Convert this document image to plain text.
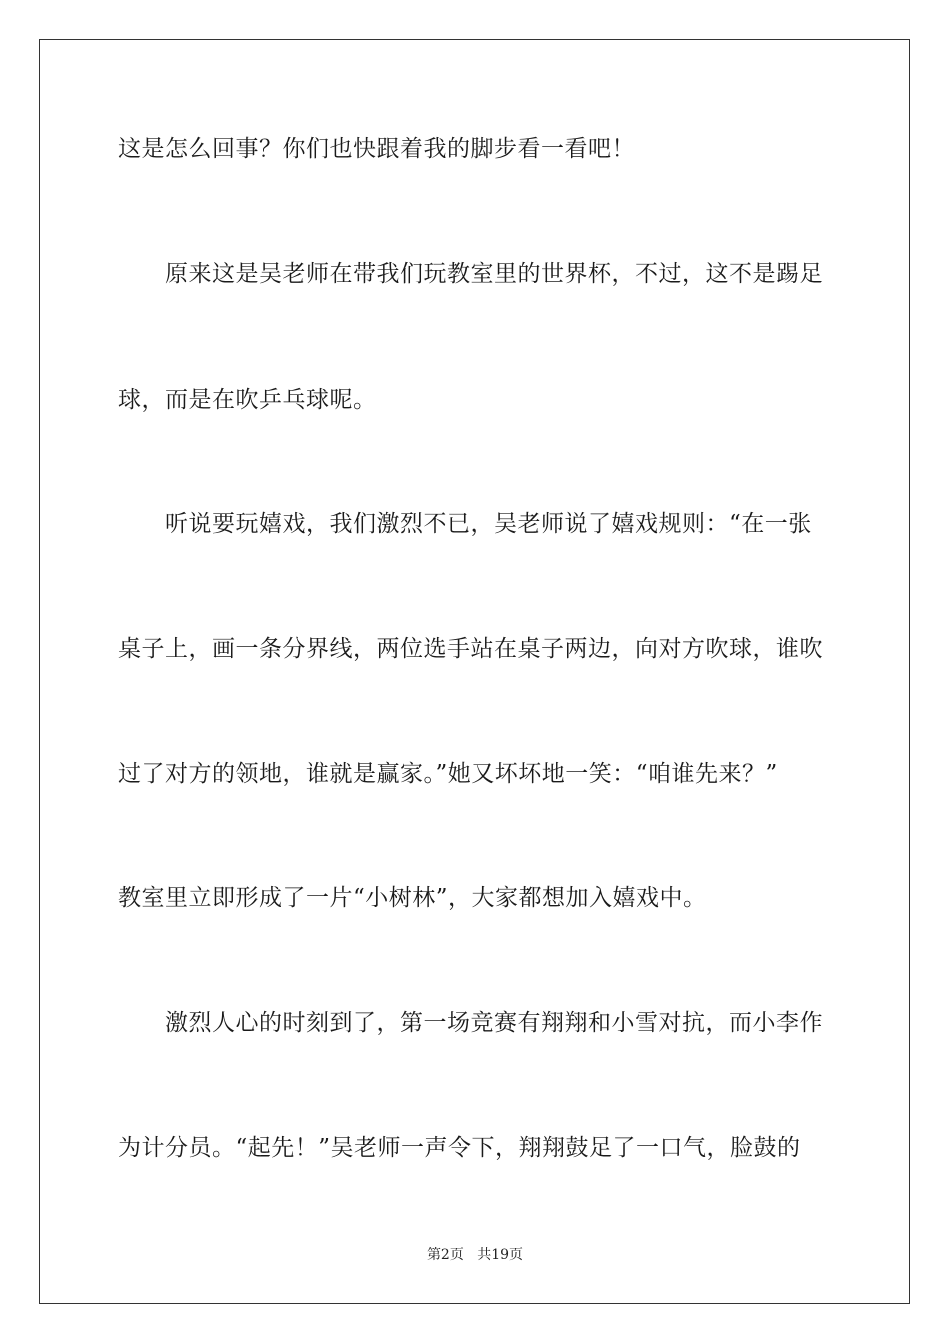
这是怎么回事？你们也快跟着我的脚步看一看吧！
　　原来这是吴老师在带我们玩教室里的世界杯，不过，这不是踢足
球，而是在吹乒乓球呢。
　　听说要玩嬉戏，我们激烈不已，吴老师说了嬉戏规则：“在一张
桌子上，画一条分界线，两位选手站在桌子两边，向对方吹球，谁吹
过了对方的领地，谁就是赢家。”她又坏坏地一笑：“咱谁先来？”
教室里立即形成了一片“小树林”，大家都想加入嬉戏中。
　　激烈人心的时刻到了，第一场竞赛有翔翔和小雪对抗，而小李作
为计分员。“起先！”吴老师一声令下，翔翔鼓足了一口气，脸鼓的
第2页 共19页
